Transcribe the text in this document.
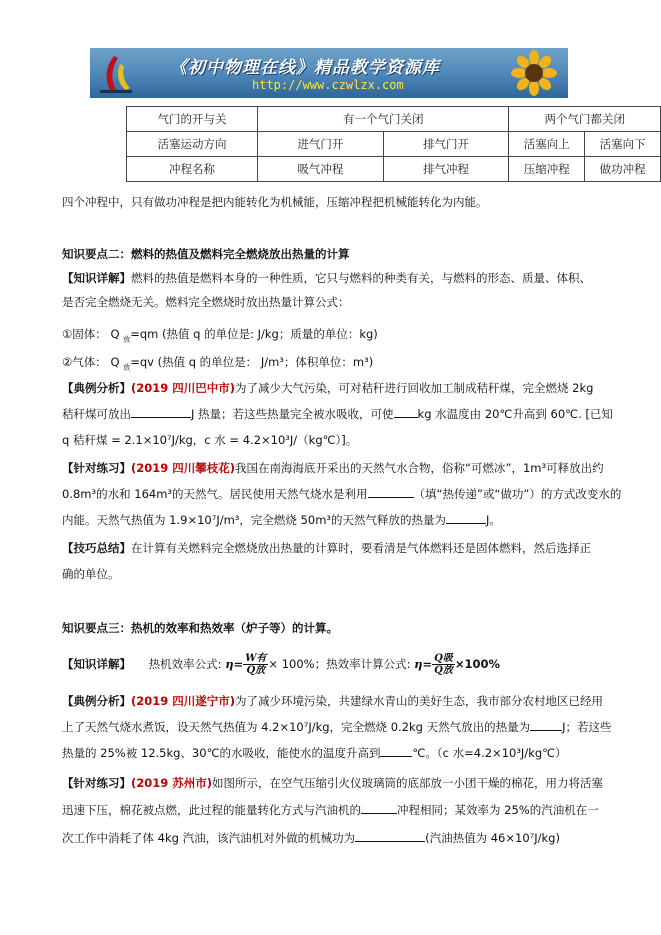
《初中物理在线》精品教学资源库
http://www.czwlzx.com
气门的开与关	有一个气门关闭		两个气门都关闭	
活塞运动方向	进气门开	排气门开	活塞向上	活塞向下
冲程名称	吸气冲程	排气冲程	压缩冲程	做功冲程
四个冲程中，只有做功冲程是把内能转化为机械能，压缩冲程把机械能转化为内能。
知识要点二：燃料的热值及燃料完全燃烧放出热量的计算
【知识详解】燃料的热值是燃料本身的一种性质，它只与燃料的种类有关，与燃料的形态、质量、体积、
是否完全燃烧无关。燃料完全燃烧时放出热量计算公式：
①固体： Q $_放$=qm (热值 q 的单位是: J/kg；质量的单位：kg)
②气体： Q $_放$=qv (热值 q 的单位是： J/m³；体积单位：m³)
【典例分析】(2019 四川巴中市)为了减少大气污染，可对秸秆进行回收加工制成秸秆煤，完全燃烧 2kg
秸秆煤可放出	J 热量；若这些热量完全被水吸收，可使 kg 水温度由 20℃升高到 60℃. [已知
q 秸秆煤 = 2.1×10⁷J/kg，c 水 = 4.2×10³J/（kg℃）]。
【针对练习】(2019 四川攀枝花)我国在南海海底开采出的天然气水合物，俗称“可燃冰”，1m³可释放出约
0.8m³的水和 164m³的天然气。居民使用天然气烧水是利用	（填“热传递”或“做功”）的方式改变水的
内能。天然气热值为 1.9×10⁷J/m³，完全燃烧 50m³的天然气释放的热量为	J。
【技巧总结】在计算有关燃料完全燃烧放出热量的计算时，要看清是气体燃料还是固体燃料，然后选择正
确的单位。
知识要点三：热机的效率和热效率（炉子等）的计算。
【知识详解】 热机效率公式: $\eta= \frac{\text{W有}}{\text{Q放}} \times 100\%$；热效率计算公式: $\eta= \frac{\text{Q吸}}{\text{Q放}} \times 100\%$
【典例分析】(2019 四川遂宁市)为了减少环境污染，共建绿水青山的美好生态，我市部分农村地区已经用
上了天然气烧水煮饭，设天然气热值为 4.2×10⁷J/kg，完全燃烧 0.2kg 天然气放出的热量为	J；若这些
热量的 25%被 12.5kg、30℃的水吸收，能使水的温度升高到	℃。（c 水=4.2×10³J/kg℃）
【针对练习】(2019 苏州市)如图所示，在空气压缩引火仪玻璃筒的底部放一小团干燥的棉花，用力将活塞
迅速下压，棉花被点燃，此过程的能量转化方式与汽油机的	冲程相同；某效率为 25%的汽油机在一
次工作中消耗了体 4kg 汽油，该汽油机对外做的机械功为	(汽油热值为 46×10⁷J/kg)
